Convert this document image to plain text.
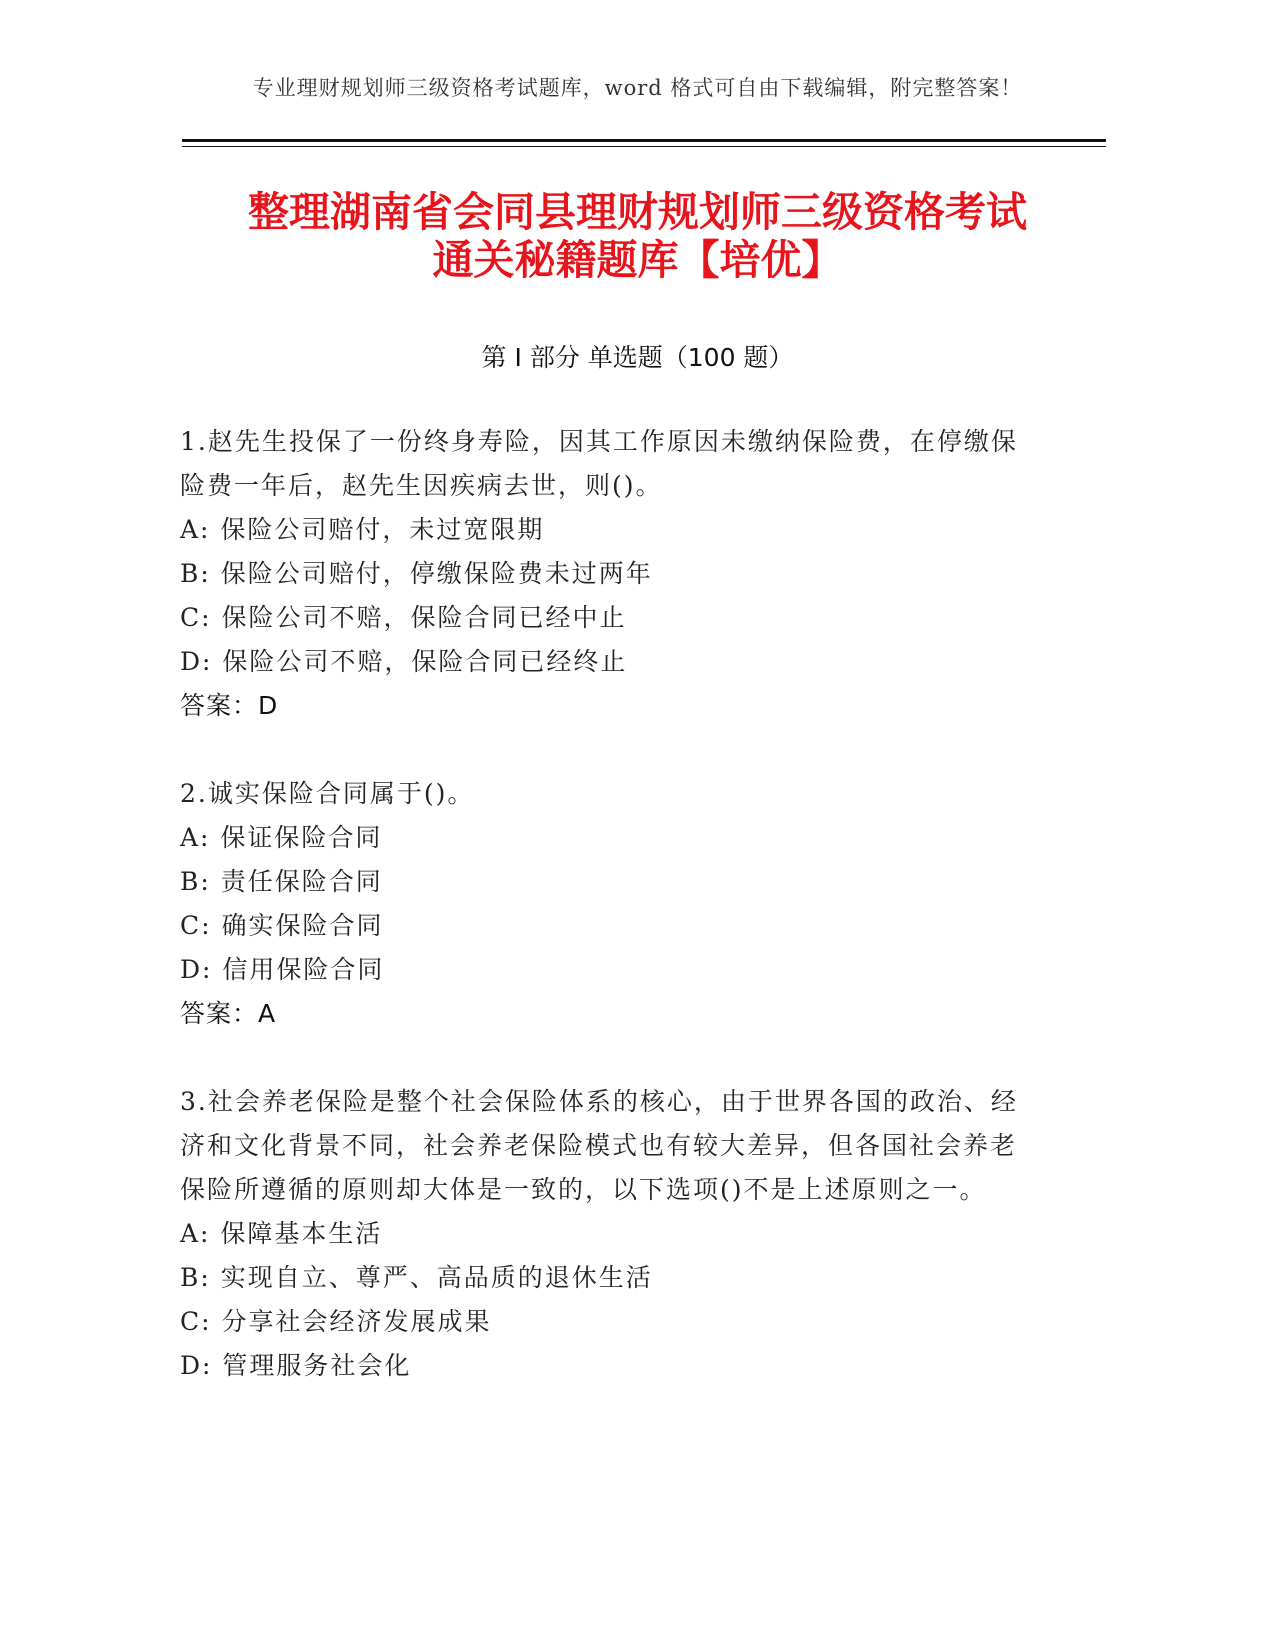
专业理财规划师三级资格考试题库，word 格式可自由下载编辑，附完整答案！
整理湖南省会同县理财规划师三级资格考试
通关秘籍题库【培优】
第 I 部分 单选题（100 题）

1.赵先生投保了一份终身寿险，因其工作原因未缴纳保险费，在停缴保险费一年后，赵先生因疾病去世，则()。

A: 保险公司赔付，未过宽限期

B: 保险公司赔付，停缴保险费未过两年

C: 保险公司不赔，保险合同已经中止

D: 保险公司不赔，保险合同已经终止

答案：D

2.诚实保险合同属于()。

A: 保证保险合同

B: 责任保险合同

C: 确实保险合同

D: 信用保险合同

答案：A

3.社会养老保险是整个社会保险体系的核心，由于世界各国的政治、经济和文化背景不同，社会养老保险模式也有较大差异，但各国社会养老保险所遵循的原则却大体是一致的，以下选项()不是上述原则之一。

A: 保障基本生活

B: 实现自立、尊严、高品质的退休生活

C: 分享社会经济发展成果

D: 管理服务社会化
